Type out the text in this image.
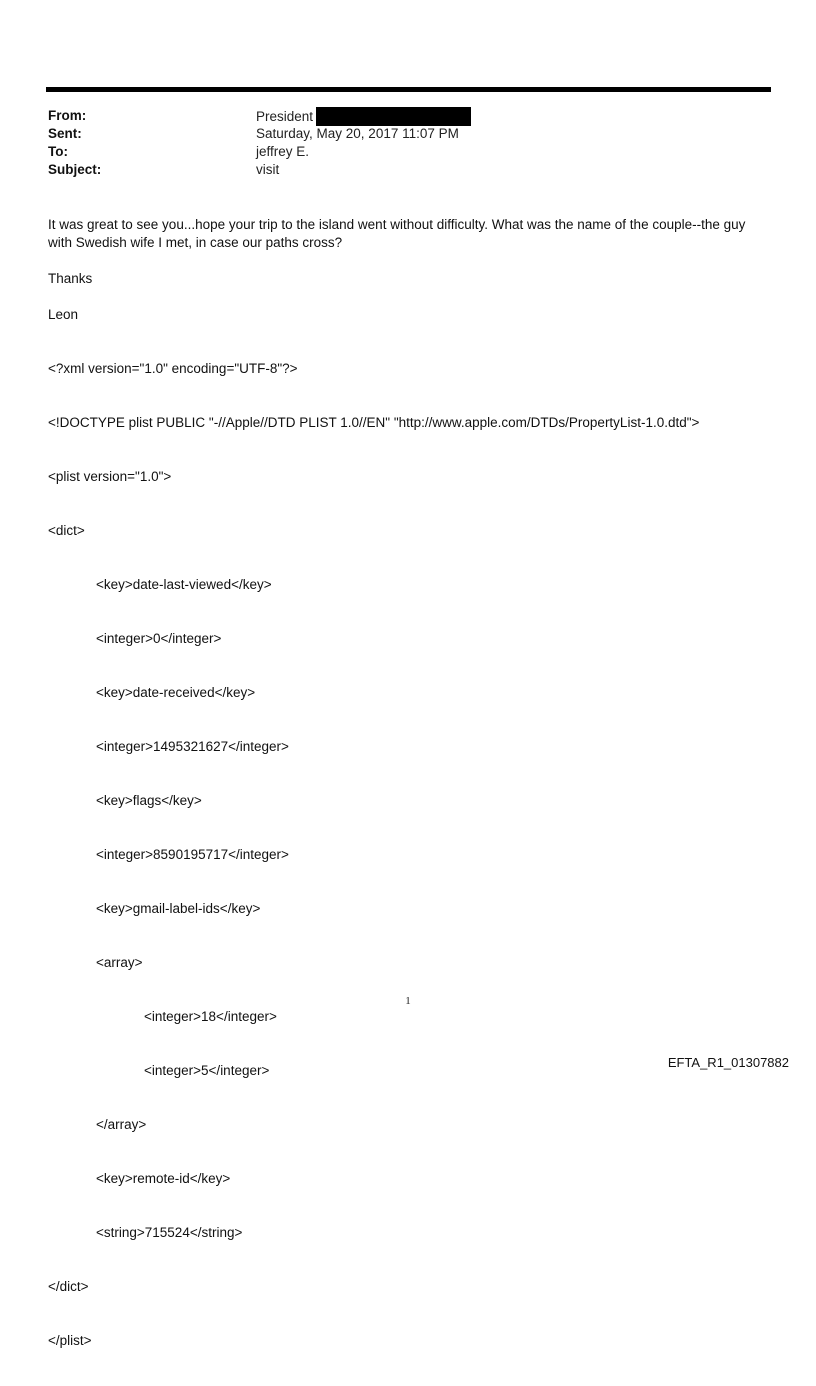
From:	President
Sent:	Saturday, May 20, 2017 11:07 PM
To:	jeffrey E.
Subject:	visit

It was great to see you...hope your trip to the island went without difficulty. What was the name of the couple--the guy with Swedish wife I met, in case our paths cross?

Thanks

Leon

<?xml version="1.0" encoding="UTF-8"?>

<!DOCTYPE plist PUBLIC "-//Apple//DTD PLIST 1.0//EN" "http://www.apple.com/DTDs/PropertyList-1.0.dtd">

<plist version="1.0">

<dict>

<key>date-last-viewed</key>

<integer>0</integer>

<key>date-received</key>

<integer>1495321627</integer>

<key>flags</key>

<integer>8590195717</integer>

<key>gmail-label-ids</key>

<array>

<integer>18</integer>

<integer>5</integer>

</array>

<key>remote-id</key>

<string>715524</string>

</dict>

</plist>

1
EFTA_R1_01307882
